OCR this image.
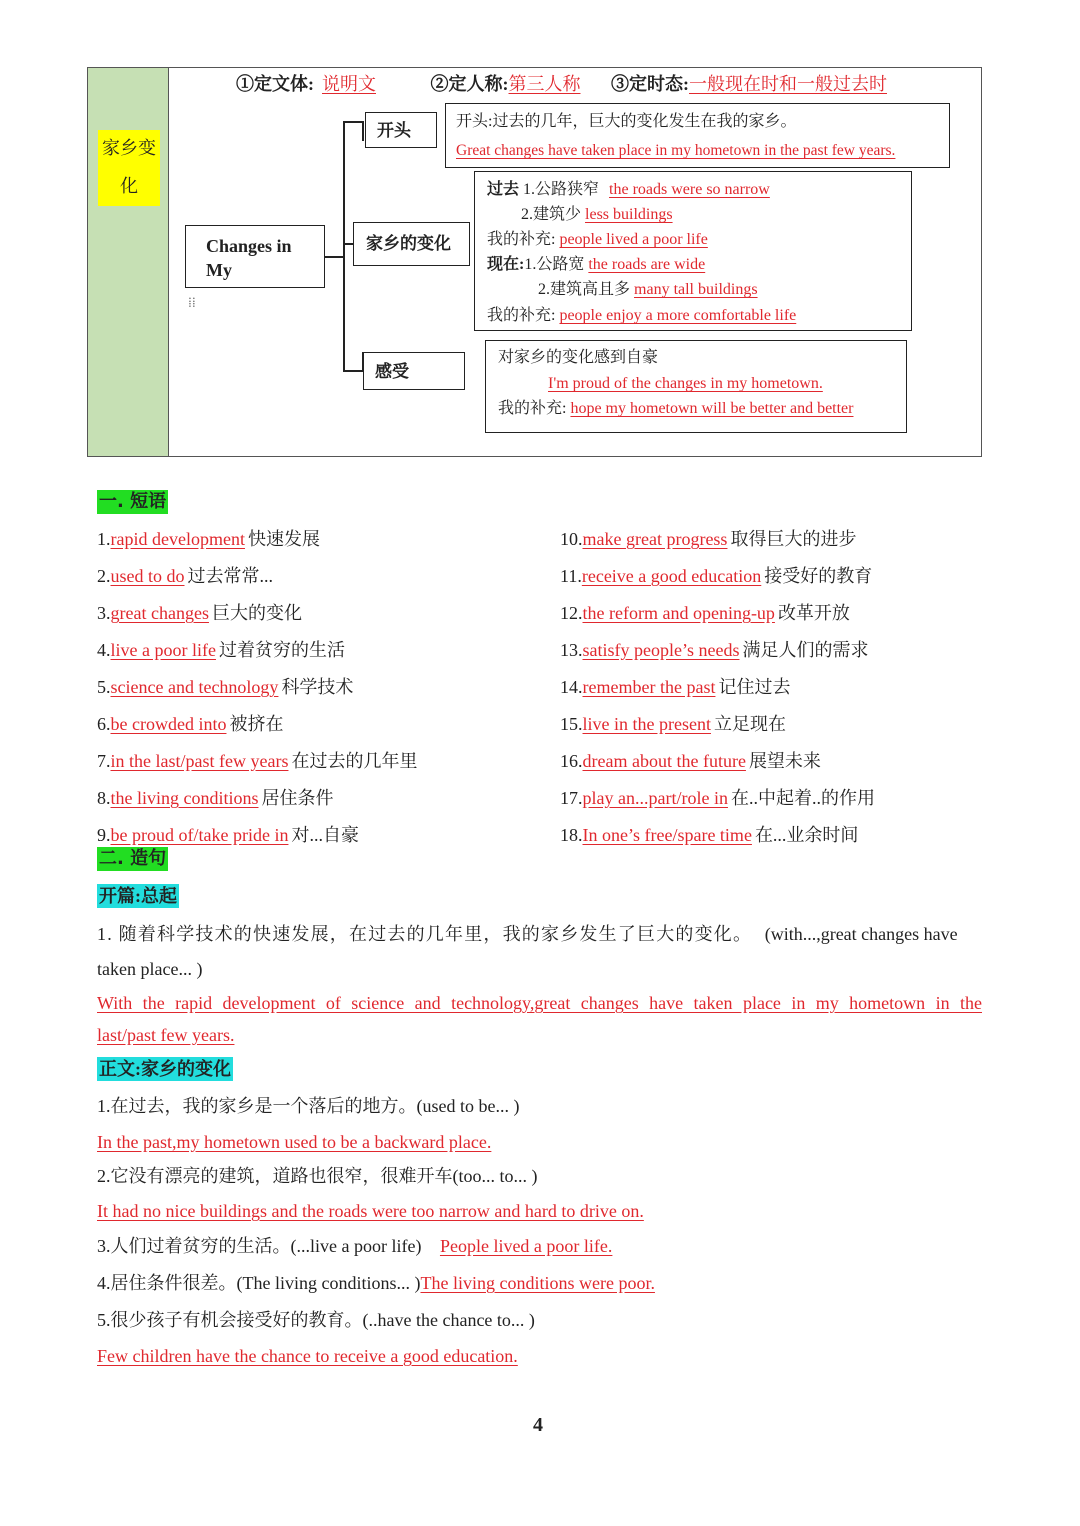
家乡变化
①定文体: 说明文	②定人称:第三人称 ③定时态:一般现在时和一般过去时
Changes in My
⁞⁞
开头
家乡的变化
感受
开头:过去的几年，巨大的变化发生在我的家乡。
Great changes have taken place in my hometown in the past few years.
过去 1.公路狭窄 the roads were so narrow
2.建筑少 less buildings
我的补充: people lived a poor life
现在:1.公路宽 the roads are wide
2.建筑高且多 many tall buildings
我的补充: people enjoy a more comfortable life
对家乡的变化感到自豪
I'm proud of the changes in my hometown.
我的补充: hope my hometown will be better and better
一. 短语
1.rapid development 快速发展
2.used to do 过去常常...
3.great changes 巨大的变化
4.live a poor life 过着贫穷的生活
5.science and technology 科学技术
6.be crowded into 被挤在
7.in the last/past few years 在过去的几年里
8.the living conditions 居住条件
9.be proud of/take pride in 对...自豪
10.make great progress 取得巨大的进步
11.receive a good education 接受好的教育
12.the reform and opening-up 改革开放
13.satisfy people’s needs 满足人们的需求
14.remember the past 记住过去
15.live in the present 立足现在
16.dream about the future 展望未来
17.play an...part/role in 在..中起着..的作用
18.In one’s free/spare time 在...业余时间
二. 造句
开篇:总起
1. 随着科学技术的快速发展，在过去的几年里，我的家乡发生了巨大的变化。 (with...,great changes have
taken place... )
With the rapid development of science and technology,great changes have taken place in my hometown in the
last/past few years.
正文:家乡的变化
1.在过去，我的家乡是一个落后的地方。(used to be... )
In the past,my hometown used to be a backward place.
2.它没有漂亮的建筑，道路也很窄，很难开车(too... to... )
It had no nice buildings and the roads were too narrow and hard to drive on.
3.人们过着贫穷的生活。(...live a poor life) People lived a poor life.
4.居住条件很差。(The living conditions... )The living conditions were poor.
5.很少孩子有机会接受好的教育。(..have the chance to... )
Few children have the chance to receive a good education.
4
